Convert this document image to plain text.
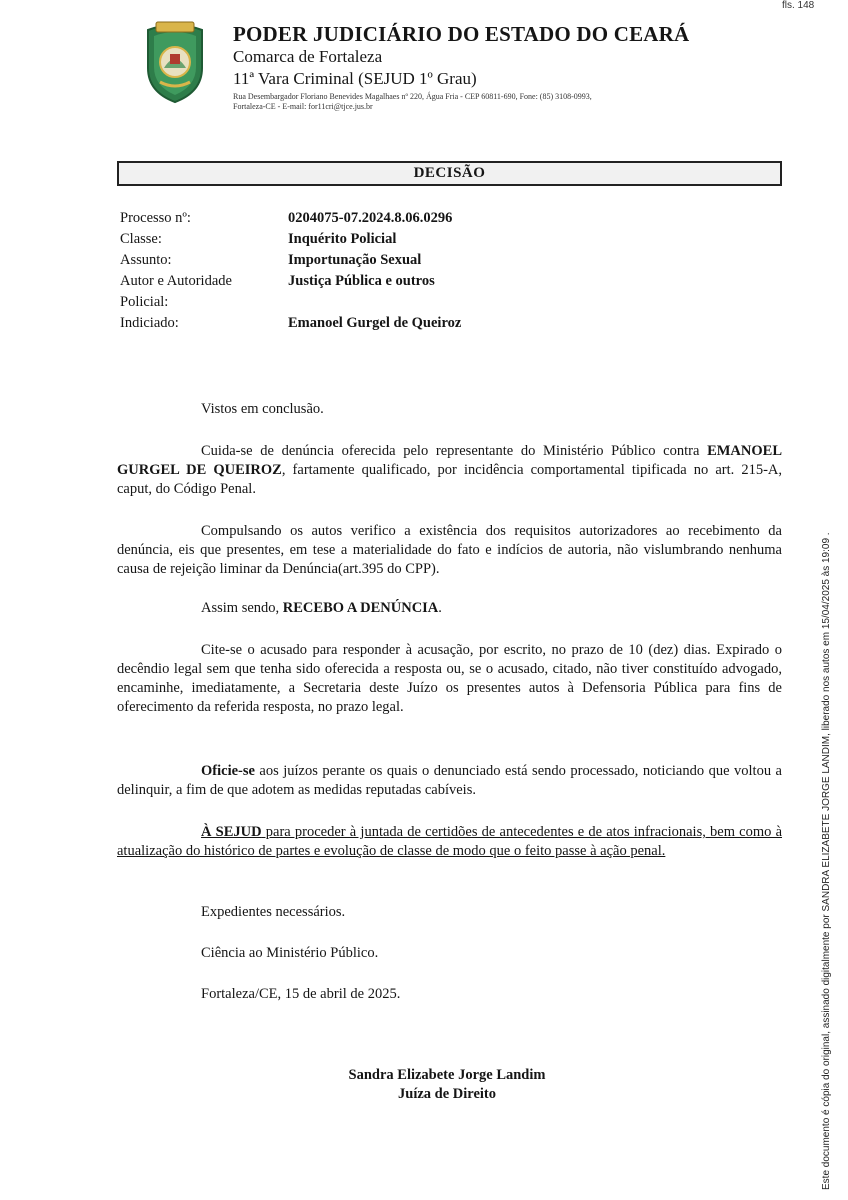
fls. 148
PODER JUDICIÁRIO DO ESTADO DO CEARÁ
Comarca de Fortaleza
11ª Vara Criminal (SEJUD 1º Grau)
Rua Desembargador Floriano Benevides Magalhaes nº 220, Água Fria - CEP 60811-690, Fone: (85) 3108-0993,
Fortaleza-CE - E-mail: for11cri@tjce.jus.br
DECISÃO
Processo nº:	0204075-07.2024.8.06.0296
Classe:	Inquérito Policial
Assunto:	Importunação Sexual
Autor e Autoridade	Justiça Pública e outros
Policial:
Indiciado:	Emanoel Gurgel de Queiroz

Vistos em conclusão.

Cuida-se de denúncia oferecida pelo representante do Ministério Público contra EMANOEL GURGEL DE QUEIROZ, fartamente qualificado, por incidência comportamental tipificada no art. 215-A, caput, do Código Penal.

Compulsando os autos verifico a existência dos requisitos autorizadores ao recebimento da denúncia, eis que presentes, em tese a materialidade do fato e indícios de autoria, não vislumbrando nenhuma causa de rejeição liminar da Denúncia(art.395 do CPP).

Assim sendo, RECEBO A DENÚNCIA.

Cite-se o acusado para responder à acusação, por escrito, no prazo de 10 (dez) dias. Expirado o decêndio legal sem que tenha sido oferecida a resposta ou, se o acusado, citado, não tiver constituído advogado, encaminhe, imediatamente, a Secretaria deste Juízo os presentes autos à Defensoria Pública para fins de oferecimento da referida resposta, no prazo legal.

Oficie-se aos juízos perante os quais o denunciado está sendo processado, noticiando que voltou a delinquir, a fim de que adotem as medidas reputadas cabíveis.

À SEJUD para proceder à juntada de certidões de antecedentes e de atos infracionais, bem como à atualização do histórico de partes e evolução de classe de modo que o feito passe à ação penal.

Expedientes necessários.

Ciência ao Ministério Público.

Fortaleza/CE, 15 de abril de 2025.

Sandra Elizabete Jorge Landim
Juíza de Direito	Este documento é cópia do original, assinado digitalmente por SANDRA ELIZABETE JORGE LANDIM, liberado nos autos em 15/04/2025 às 19:09 .
